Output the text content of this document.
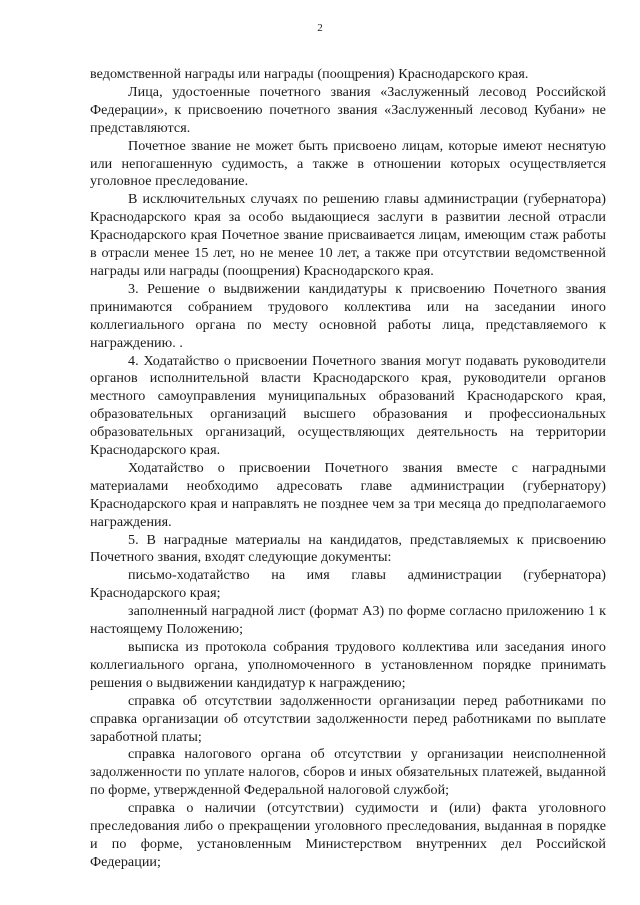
2

ведомственной награды или награды (поощрения) Краснодарского края.

Лица, удостоенные почетного звания «Заслуженный лесовод Российской Федерации», к присвоению почетного звания «Заслуженный лесовод Кубани» не представляются.

Почетное звание не может быть присвоено лицам, которые имеют неснятую или непогашенную судимость, а также в отношении которых осуществляется уголовное преследование.

В исключительных случаях по решению главы администрации (губернатора) Краснодарского края за особо выдающиеся заслуги в развитии лесной отрасли Краснодарского края Почетное звание присваивается лицам, имеющим стаж работы в отрасли менее 15 лет, но не менее 10 лет, а также при отсутствии ведомственной награды или награды (поощрения) Краснодарского края.

3. Решение о выдвижении кандидатуры к присвоению Почетного звания принимаются собранием трудового коллектива или на заседании иного коллегиального органа по месту основной работы лица, представляемого к награждению. .

4. Ходатайство о присвоении Почетного звания могут подавать руководители органов исполнительной власти Краснодарского края, руководители органов местного самоуправления муниципальных образований Краснодарского края, образовательных организаций высшего образования и профессиональных образовательных организаций, осуществляющих деятельность на территории Краснодарского края.

Ходатайство о присвоении Почетного звания вместе с наградными материалами необходимо адресовать главе администрации (губернатору) Краснодарского края и направлять не позднее чем за три месяца до предполагаемого награждения.

5. В наградные материалы на кандидатов, представляемых к присвоению Почетного звания, входят следующие документы:

письмо-ходатайство на имя главы администрации (губернатора) Краснодарского края;

заполненный наградной лист (формат А3) по форме согласно приложению 1 к настоящему Положению;

выписка из протокола собрания трудового коллектива или заседания иного коллегиального органа, уполномоченного в установленном порядке принимать решения о выдвижении кандидатур к награждению;

справка об отсутствии задолженности организации перед работниками по справка организации об отсутствии задолженности перед работниками по выплате заработной платы;

справка налогового органа об отсутствии у организации неисполненной задолженности по уплате налогов, сборов и иных обязательных платежей, выданной по форме, утвержденной Федеральной налоговой службой;

справка о наличии (отсутствии) судимости и (или) факта уголовного преследования либо о прекращении уголовного преследования, выданная в порядке и по форме, установленным Министерством внутренних дел Российской Федерации;
